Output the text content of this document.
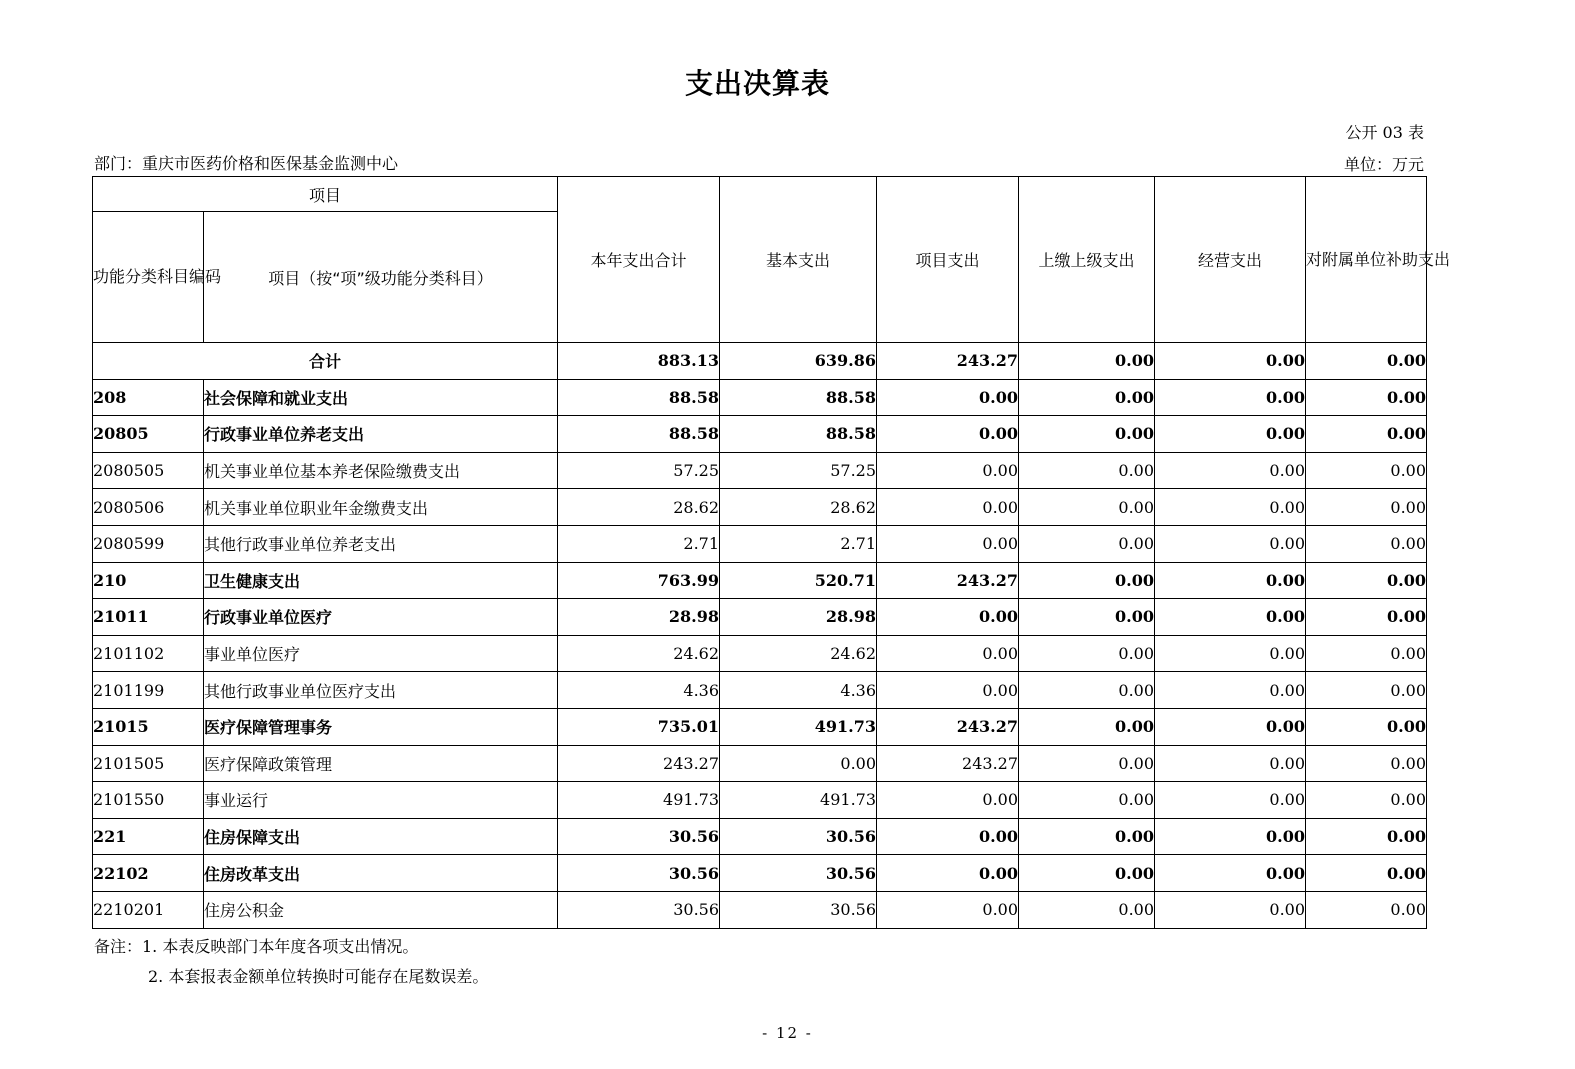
支出决算表
公开 03 表
部门：重庆市医药价格和医保基金监测中心	单位：万元
项目		本年支出合计	基本支出	项目支出	上缴上级支出	经营支出	对附属单位补助支出
功能分类科目编码	项目（按“项”级功能分类科目）						
合计		883.13	639.86	243.27	0.00	0.00	0.00
208	社会保障和就业支出	88.58	88.58	0.00	0.00	0.00	0.00
20805	行政事业单位养老支出	88.58	88.58	0.00	0.00	0.00	0.00
2080505	机关事业单位基本养老保险缴费支出	57.25	57.25	0.00	0.00	0.00	0.00
2080506	机关事业单位职业年金缴费支出	28.62	28.62	0.00	0.00	0.00	0.00
2080599	其他行政事业单位养老支出	2.71	2.71	0.00	0.00	0.00	0.00
210	卫生健康支出	763.99	520.71	243.27	0.00	0.00	0.00
21011	行政事业单位医疗	28.98	28.98	0.00	0.00	0.00	0.00
2101102	事业单位医疗	24.62	24.62	0.00	0.00	0.00	0.00
2101199	其他行政事业单位医疗支出	4.36	4.36	0.00	0.00	0.00	0.00
21015	医疗保障管理事务	735.01	491.73	243.27	0.00	0.00	0.00
2101505	医疗保障政策管理	243.27	0.00	243.27	0.00	0.00	0.00
2101550	事业运行	491.73	491.73	0.00	0.00	0.00	0.00
221	住房保障支出	30.56	30.56	0.00	0.00	0.00	0.00
22102	住房改革支出	30.56	30.56	0.00	0.00	0.00	0.00
2210201	住房公积金	30.56	30.56	0.00	0.00	0.00	0.00
备注：1. 本表反映部门本年度各项支出情况。
2. 本套报表金额单位转换时可能存在尾数误差。
- 12 -
